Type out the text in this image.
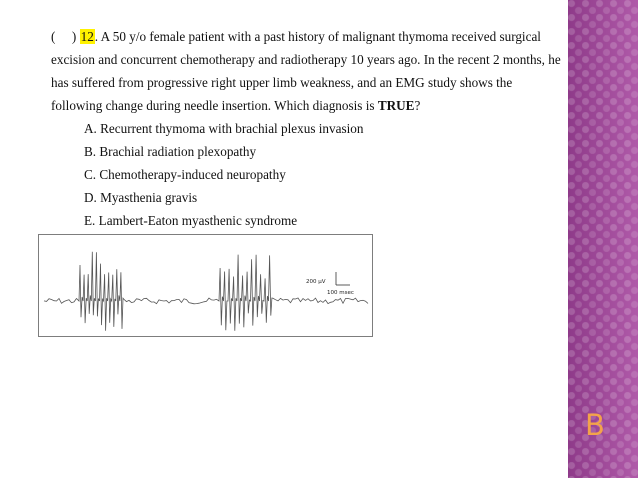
( ) 12. A 50 y/o female patient with a past history of malignant thymoma received surgical excision and concurrent chemotherapy and radiotherapy 10 years ago. In the recent 2 months, he has suffered from progressive right upper limb weakness, and an EMG study shows the following change during needle insertion. Which diagnosis is TRUE?

A. Recurrent thymoma with brachial plexus invasion
B. Brachial radiation plexopathy
C. Chemotherapy-induced neuropathy
D. Myasthenia gravis
E. Lambert-Eaton myasthenic syndrome
200 µV
100 msec
B
